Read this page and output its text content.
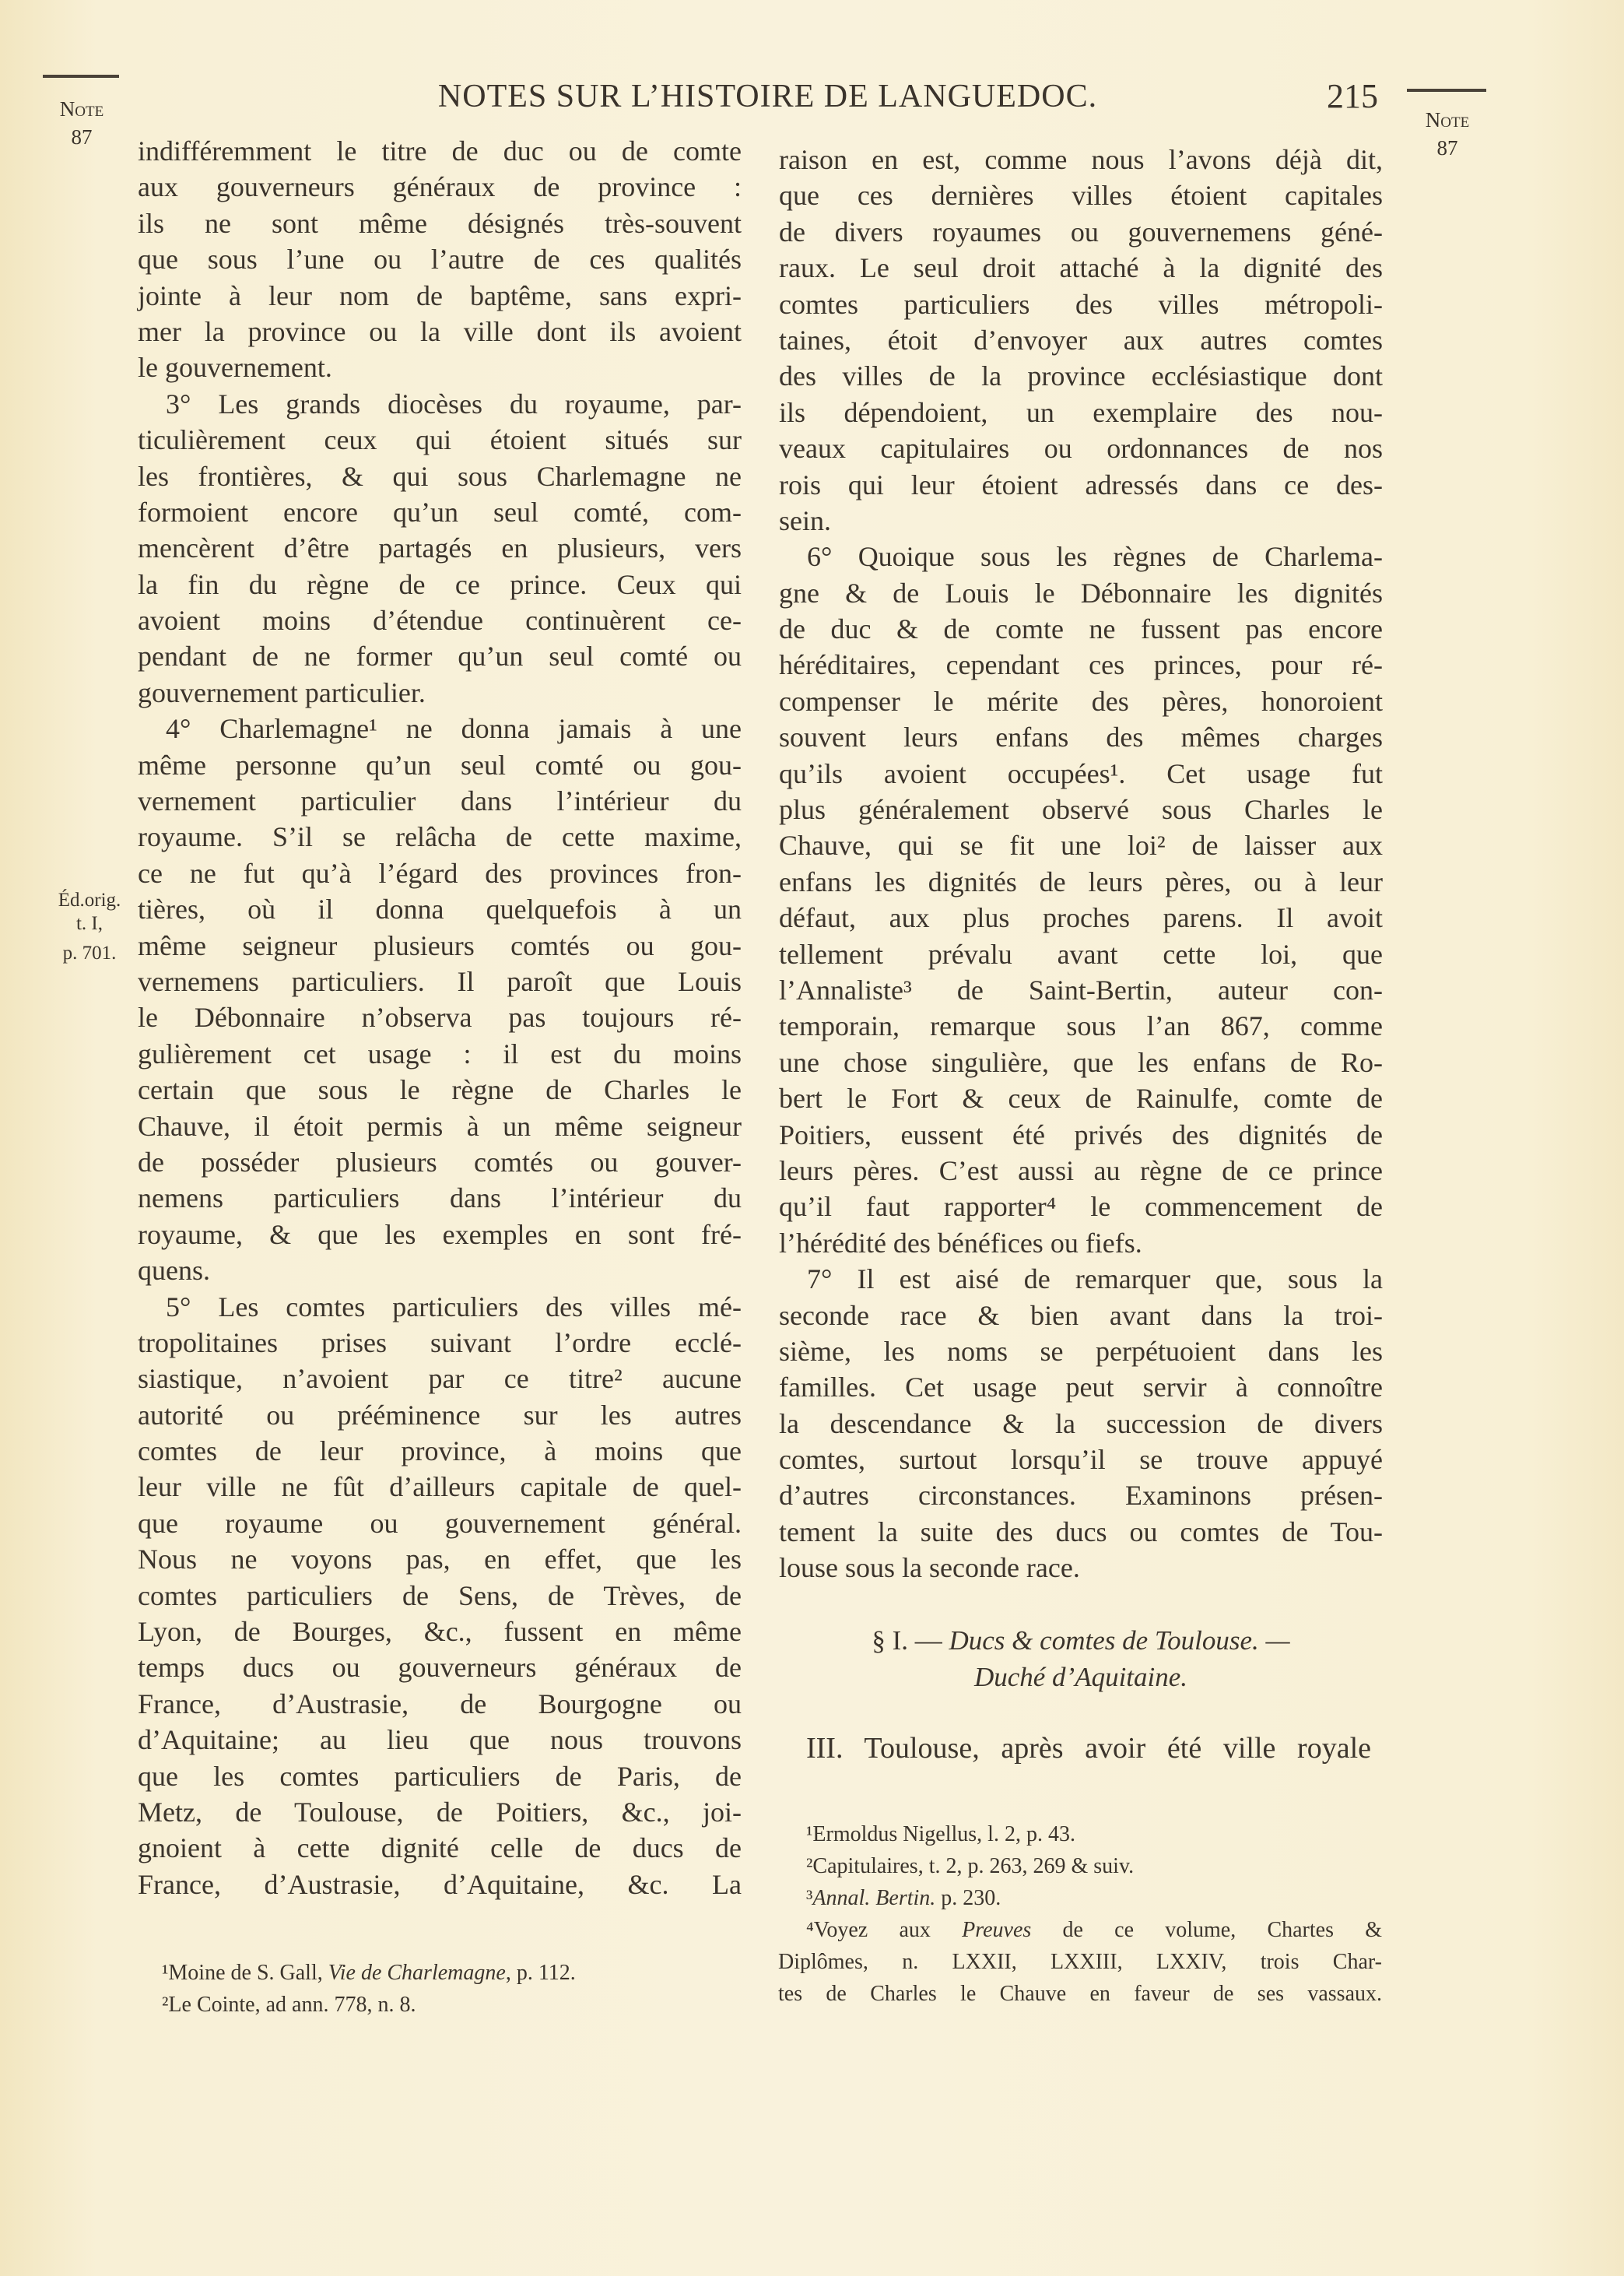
Note
87
NOTES SUR L’HISTOIRE DE LANGUEDOC.	215
Note
87
Éd.orig.
t. I,
p. 701.
indifféremment le titre de duc ou de comte
aux gouverneurs généraux de province :
ils ne sont même désignés très-souvent
que sous l’une ou l’autre de ces qualités
jointe à leur nom de baptême, sans expri-
mer la province ou la ville dont ils avoient
le gouvernement.
3° Les grands diocèses du royaume, par-
ticulièrement ceux qui étoient situés sur
les frontières, & qui sous Charlemagne ne
formoient encore qu’un seul comté, com-
mencèrent d’être partagés en plusieurs, vers
la fin du règne de ce prince. Ceux qui
avoient moins d’étendue continuèrent ce-
pendant de ne former qu’un seul comté ou
gouvernement particulier.
4° Charlemagne¹ ne donna jamais à une
même personne qu’un seul comté ou gou-
vernement particulier dans l’intérieur du
royaume. S’il se relâcha de cette maxime,
ce ne fut qu’à l’égard des provinces fron-
tières, où il donna quelquefois à un
même seigneur plusieurs comtés ou gou-
vernemens particuliers. Il paroît que Louis
le Débonnaire n’observa pas toujours ré-
gulièrement cet usage : il est du moins
certain que sous le règne de Charles le
Chauve, il étoit permis à un même seigneur
de posséder plusieurs comtés ou gouver-
nemens particuliers dans l’intérieur du
royaume, & que les exemples en sont fré-
quens.
5° Les comtes particuliers des villes mé-
tropolitaines prises suivant l’ordre ecclé-
siastique, n’avoient par ce titre² aucune
autorité ou prééminence sur les autres
comtes de leur province, à moins que
leur ville ne fût d’ailleurs capitale de quel-
que royaume ou gouvernement général.
Nous ne voyons pas, en effet, que les
comtes particuliers de Sens, de Trèves, de
Lyon, de Bourges, &c., fussent en même
temps ducs ou gouverneurs généraux de
France, d’Austrasie, de Bourgogne ou
d’Aquitaine; au lieu que nous trouvons
que les comtes particuliers de Paris, de
Metz, de Toulouse, de Poitiers, &c., joi-
gnoient à cette dignité celle de ducs de
France, d’Austrasie, d’Aquitaine, &c. La
raison en est, comme nous l’avons déjà dit,
que ces dernières villes étoient capitales
de divers royaumes ou gouvernemens géné-
raux. Le seul droit attaché à la dignité des
comtes particuliers des villes métropoli-
taines, étoit d’envoyer aux autres comtes
des villes de la province ecclésiastique dont
ils dépendoient, un exemplaire des nou-
veaux capitulaires ou ordonnances de nos
rois qui leur étoient adressés dans ce des-
sein.
6° Quoique sous les règnes de Charlema-
gne & de Louis le Débonnaire les dignités
de duc & de comte ne fussent pas encore
héréditaires, cependant ces princes, pour ré-
compenser le mérite des pères, honoroient
souvent leurs enfans des mêmes charges
qu’ils avoient occupées¹. Cet usage fut
plus généralement observé sous Charles le
Chauve, qui se fit une loi² de laisser aux
enfans les dignités de leurs pères, ou à leur
défaut, aux plus proches parens. Il avoit
tellement prévalu avant cette loi, que
l’Annaliste³ de Saint-Bertin, auteur con-
temporain, remarque sous l’an 867, comme
une chose singulière, que les enfans de Ro-
bert le Fort & ceux de Rainulfe, comte de
Poitiers, eussent été privés des dignités de
leurs pères. C’est aussi au règne de ce prince
qu’il faut rapporter⁴ le commencement de
l’hérédité des bénéfices ou fiefs.
7° Il est aisé de remarquer que, sous la
seconde race & bien avant dans la troi-
sième, les noms se perpétuoient dans les
familles. Cet usage peut servir à connoître
la descendance & la succession de divers
comtes, surtout lorsqu’il se trouve appuyé
d’autres circonstances. Examinons présen-
tement la suite des ducs ou comtes de Tou-
louse sous la seconde race.
§ I. — Ducs & comtes de Toulouse. —
Duché d’Aquitaine.
III. Toulouse, après avoir été ville royale
¹Moine de S. Gall, Vie de Charlemagne, p. 112.
²Le Cointe, ad ann. 778, n. 8.
¹Ermoldus Nigellus, l. 2, p. 43.
²Capitulaires, t. 2, p. 263, 269 & suiv.
³Annal. Bertin. p. 230.
⁴Voyez aux Preuves de ce volume, Chartes &
Diplômes, n. LXXII, LXXIII, LXXIV, trois Char-
tes de Charles le Chauve en faveur de ses vassaux.
